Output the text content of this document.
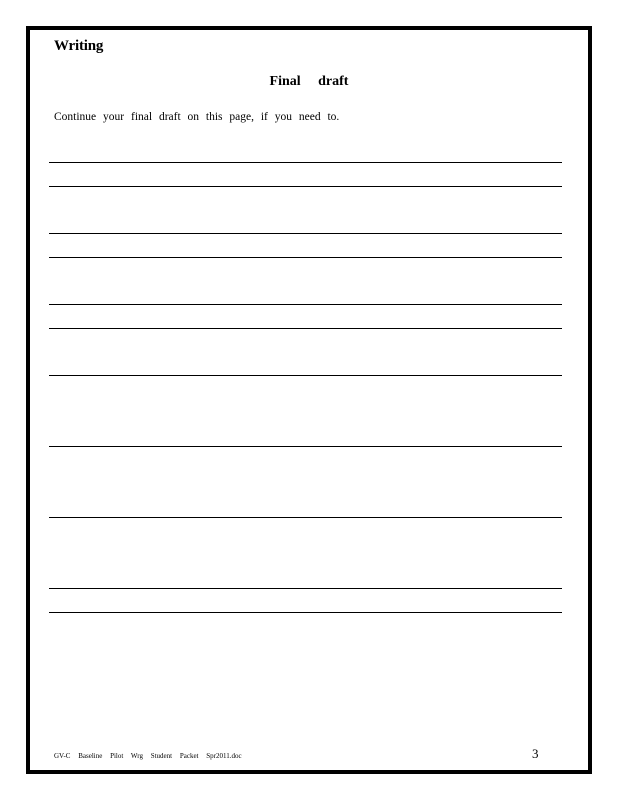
Writing
Final draft
Continue your final draft on this page, if you need to.
GV-C Baseline Pilot Wrg Student Packet Spr2011.doc	3
